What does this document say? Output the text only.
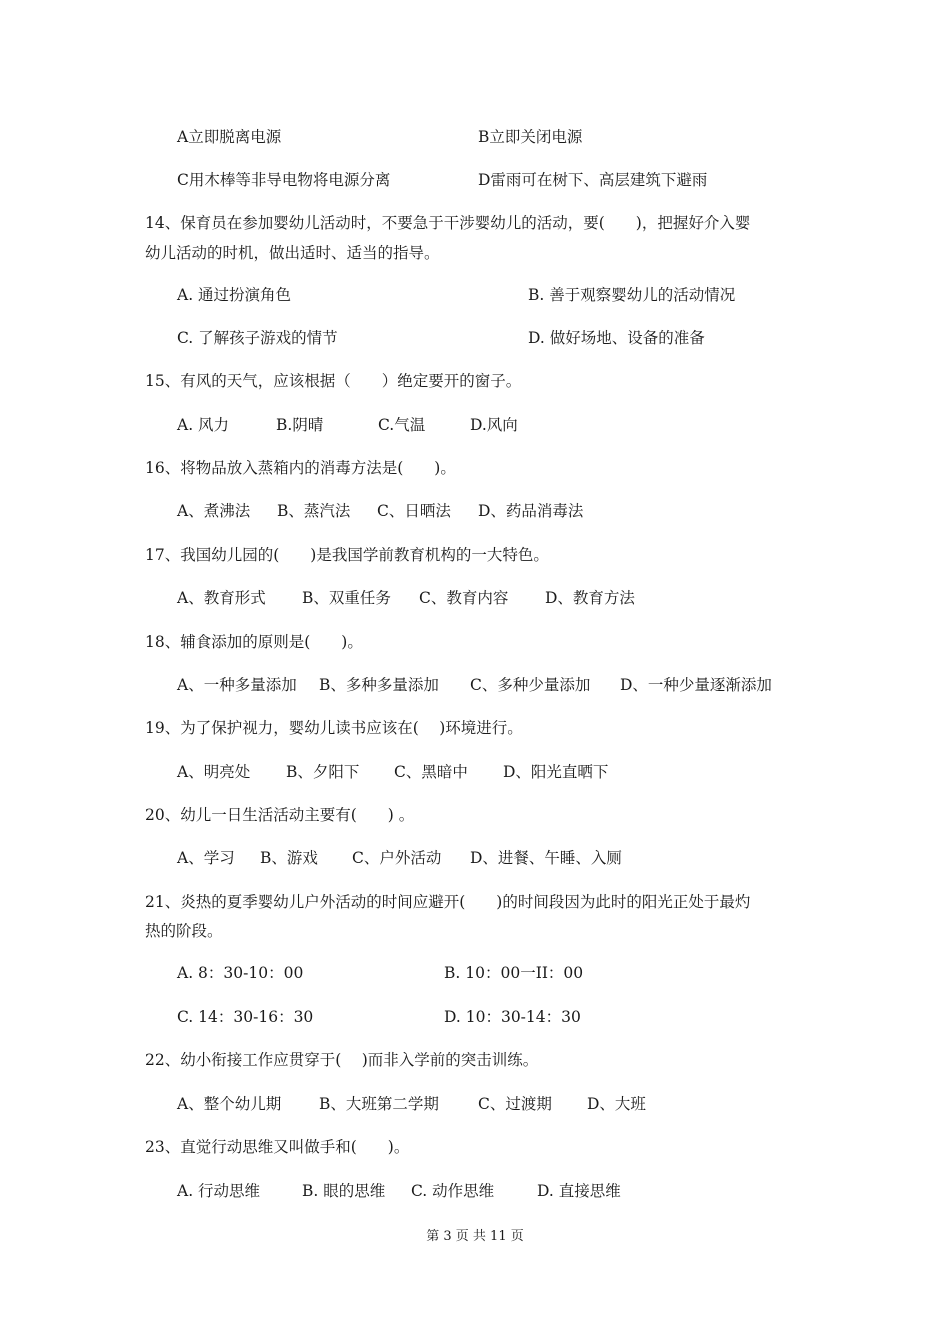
A立即脱离电源	B立即关闭电源
C用木棒等非导电物将电源分离	D雷雨可在树下、高层建筑下避雨
14、保育员在参加婴幼儿活动时，不要急于干涉婴幼儿的活动，要(　　)，把握好介入婴
幼儿活动的时机，做出适时、适当的指导。
A. 通过扮演角色	B. 善于观察婴幼儿的活动情况
C. 了解孩子游戏的情节	D. 做好场地、设备的准备
15、有风的天气，应该根据（　　）绝定要开的窗子。
A. 风力	B.阴晴	C.气温	D.风向
16、将物品放入蒸箱内的消毒方法是(　　)。
A、煮沸法 B、蒸汽法 C、日晒法 D、药品消毒法
17、我国幼儿园的(　　)是我国学前教育机构的一大特色。
A、教育形式 B、双重任务 C、教育内容 D、教育方法
18、辅食添加的原则是(　　)。
A、一种多量添加 B、多种多量添加 C、多种少量添加 D、一种少量逐渐添加
19、为了保护视力，婴幼儿读书应该在(　 )环境进行。
A、明亮处 B、夕阳下 C、黑暗中 D、阳光直晒下
20、幼儿一日生活活动主要有(　　) 。
A、学习 B、游戏 C、户外活动 D、进餐、午睡、入厕
21、炎热的夏季婴幼儿户外活动的时间应避开(　　)的时间段因为此时的阳光正处于最灼
热的阶段。
A. 8：30-10：00	B. 10：00一II：00
C. 14：30-16：30	D. 10：30-14：30
22、幼小衔接工作应贯穿于(　 )而非入学前的突击训练。
A、整个幼儿期 B、大班第二学期	C、过渡期 D、大班
23、直觉行动思维又叫做手和(　　)。
A. 行动思维	B. 眼的思维 C. 动作思维	D. 直接思维
第 3 页 共 11 页
